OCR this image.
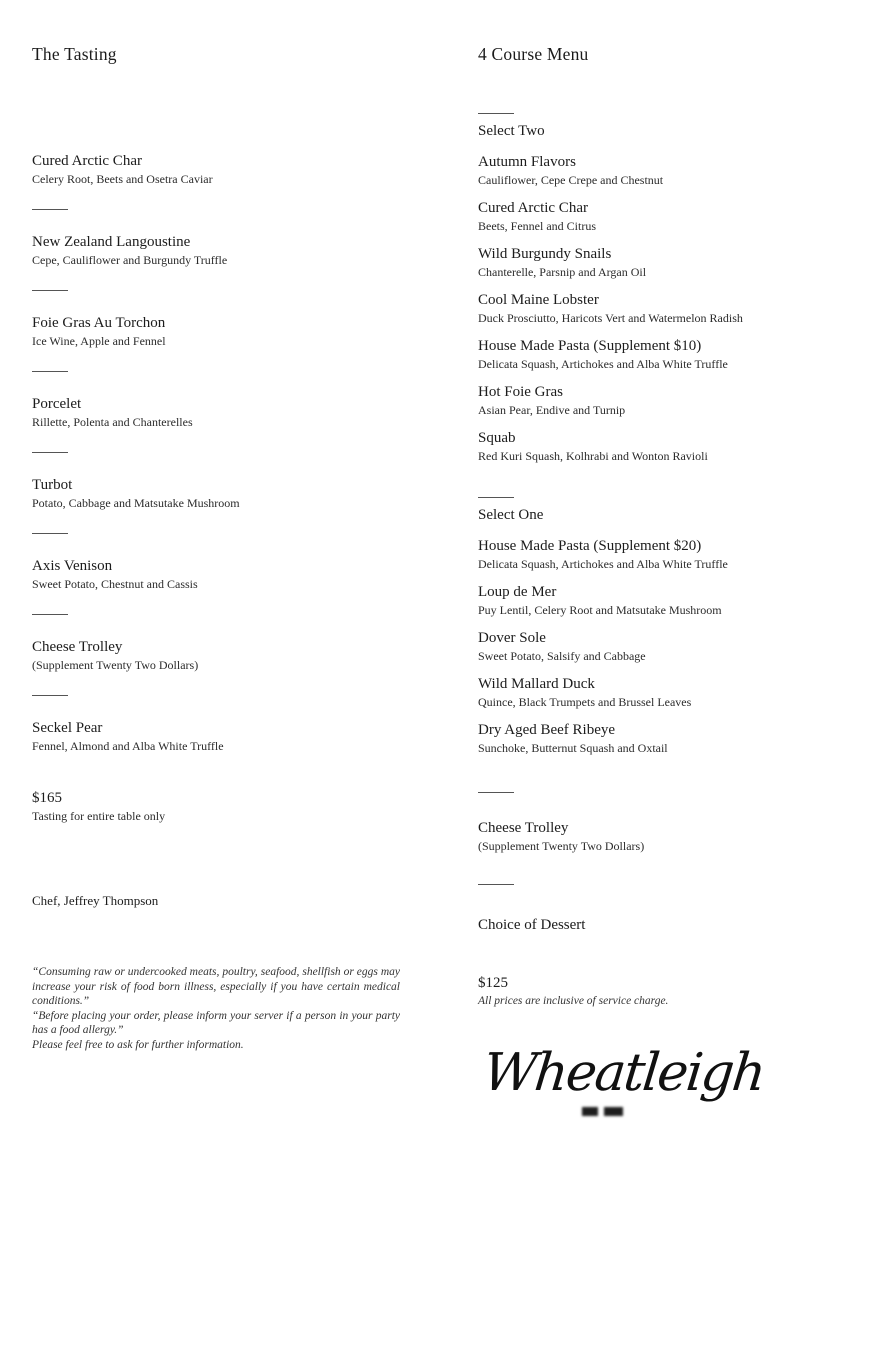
The Tasting
Cured Arctic Char
Celery Root, Beets and Osetra Caviar
New Zealand Langoustine
Cepe, Cauliflower and Burgundy Truffle
Foie Gras Au Torchon
Ice Wine, Apple and Fennel
Porcelet
Rillette, Polenta and Chanterelles
Turbot
Potato, Cabbage and Matsutake Mushroom
Axis Venison
Sweet Potato, Chestnut and Cassis
Cheese Trolley
(Supplement Twenty Two Dollars)
Seckel Pear
Fennel, Almond and Alba White Truffle
$165
Tasting for entire table only
Chef, Jeffrey Thompson

“Consuming raw or undercooked meats, poultry, seafood, shellfish or eggs may increase your risk of food born illness, especially if you have certain medical conditions.”

“Before placing your order, please inform your server if a person in your party has a food allergy.”

Please feel free to ask for further information.

4 Course Menu
Select Two
Autumn Flavors
Cauliflower, Cepe Crepe and Chestnut
Cured Arctic Char
Beets, Fennel and Citrus
Wild Burgundy Snails
Chanterelle, Parsnip and Argan Oil
Cool Maine Lobster
Duck Prosciutto, Haricots Vert and Watermelon Radish
House Made Pasta (Supplement $10)
Delicata Squash, Artichokes and Alba White Truffle
Hot Foie Gras
Asian Pear, Endive and Turnip
Squab
Red Kuri Squash, Kolhrabi and Wonton Ravioli
Select One
House Made Pasta (Supplement $20)
Delicata Squash, Artichokes and Alba White Truffle
Loup de Mer
Puy Lentil, Celery Root and Matsutake Mushroom
Dover Sole
Sweet Potato, Salsify and Cabbage
Wild Mallard Duck
Quince, Black Trumpets and Brussel Leaves
Dry Aged Beef Ribeye
Sunchoke, Butternut Squash and Oxtail
Cheese Trolley
(Supplement Twenty Two Dollars)
Choice of Dessert
$125
All prices are inclusive of service charge.
Wheatleigh
